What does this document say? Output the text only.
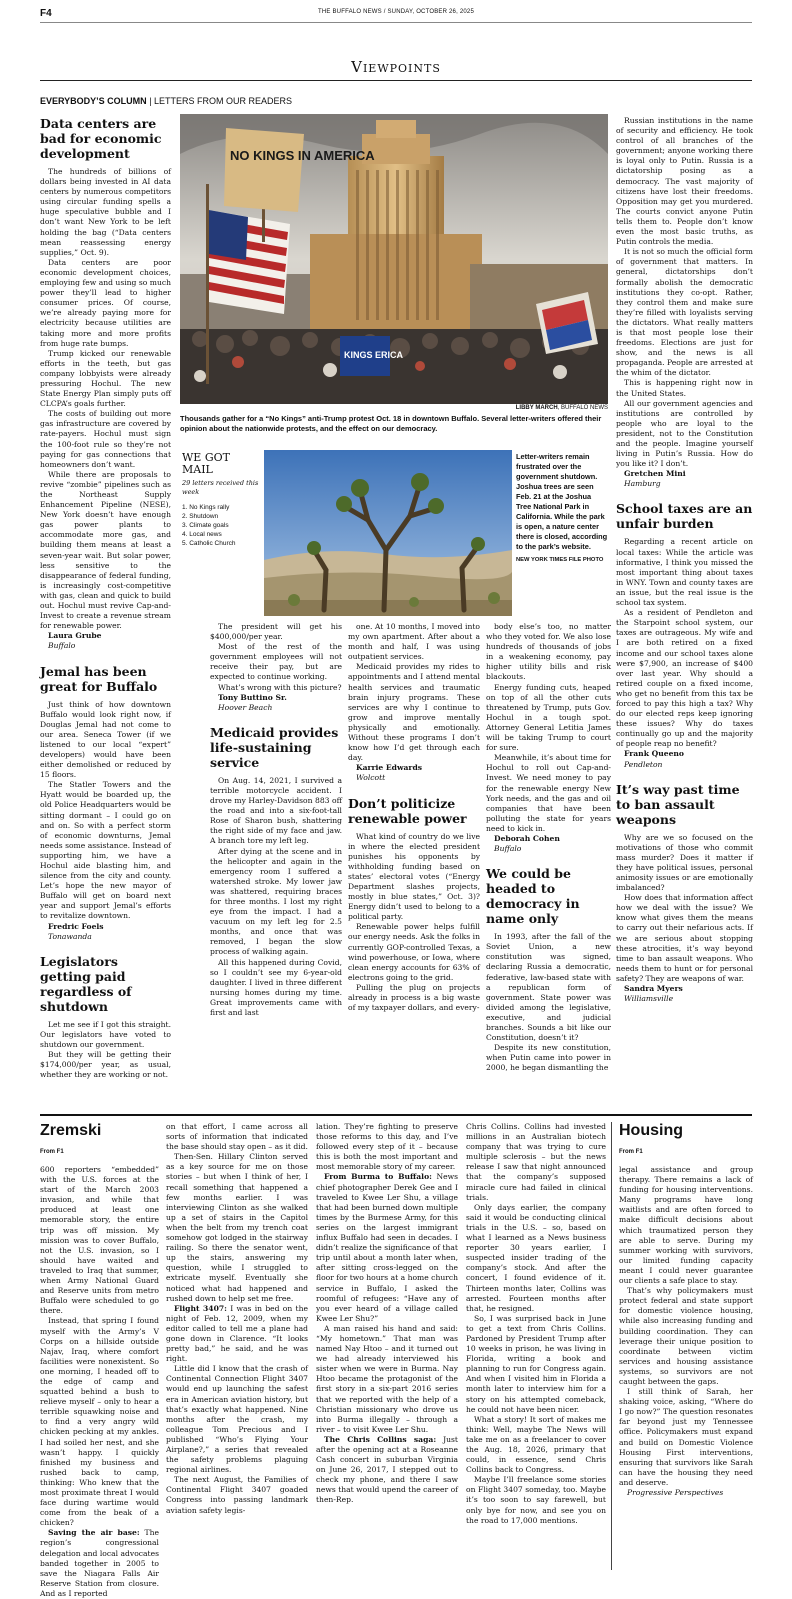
F4	THE BUFFALO NEWS / SUNDAY, OCTOBER 26, 2025
Viewpoints
EVERYBODY’S COLUMN | LETTERS FROM OUR READERS
Data centers are bad for economic development

The hundreds of billions of dollars being invested in AI data centers by numerous competitors using circular funding spells a huge speculative bubble and I don’t want New York to be left holding the bag (“Data centers mean reassessing energy supplies,” Oct. 9).

Data centers are poor economic development choices, employing few and using so much power they’ll lead to higher consumer prices. Of course, we’re already paying more for electricity because utilities are taking more and more profits from huge rate bumps.

Trump kicked our renewable efforts in the teeth, but gas company lobbyists were already pressuring Hochul. The new State Energy Plan simply puts off CLCPA’s goals further.

The costs of building out more gas infrastructure are covered by rate-payers. Hochul must sign the 100-foot rule so they’re not paying for gas connections that homeowners don’t want.

While there are proposals to revive “zombie” pipelines such as the Northeast Supply Enhancement Pipeline (NESE), New York doesn’t have enough gas power plants to accommodate more gas, and building them means at least a seven-year wait. But solar power, less sensitive to the disappearance of federal funding, is increasingly cost-competitive with gas, clean and quick to build out. Hochul must revive Cap-and-Invest to create a revenue stream for renewable power.

Laura Grube
Buffalo
Jemal has been great for Buffalo

Just think of how downtown Buffalo would look right now, if Douglas Jemal had not come to our area. Seneca Tower (if we listened to our local “expert” developers) would have been either demolished or reduced by 15 floors.

The Statler Towers and the Hyatt would be boarded up, the old Police Headquarters would be sitting dormant – I could go on and on. So with a perfect storm of economic downturns, Jemal needs some assistance. Instead of supporting him, we have a Hochul aide blasting him, and silence from the city and county. Let’s hope the new mayor of Buffalo will get on board next year and support Jemal’s efforts to revitalize downtown.

Fredric Foels
Tonawanda
Legislators getting paid regardless of shutdown

Let me see if I got this straight. Our legislators have voted to shutdown our government.

But they will be getting their $174,000/per year, as usual, whether they are working or not.

NO KINGS IN AMERICA
KINGS ERICA
LIBBY MARCH, BUFFALO NEWS
Thousands gather for a “No Kings” anti-Trump protest Oct. 18 in downtown Buffalo. Several letter-writers offered their opinion about the nationwide protests, and the effect on our democracy.
WE GOT MAIL
29 letters received this week
1. No Kings rally
2. Shutdown
3. Climate goals
4. Local news
5. Catholic Church
Letter-writers remain frustrated over the government shutdown. Joshua trees are seen Feb. 21 at the Joshua Tree National Park in California. While the park is open, a nature center there is closed, according to the park’s website.
NEW YORK TIMES FILE PHOTO

The president will get his $400,000/per year.

Most of the rest of the government employees will not receive their pay, but are expected to continue working.

What’s wrong with this picture?

Tony Buttino Sr.
Hoover Beach
Medicaid provides life-sustaining service

On Aug. 14, 2021, I survived a terrible motorcycle accident. I drove my Harley-Davidson 883 off the road and into a six-foot-tall Rose of Sharon bush, shattering the right side of my face and jaw. A branch tore my left leg.

After dying at the scene and in the helicopter and again in the emergency room I suffered a watershed stroke. My lower jaw was shattered, requiring braces for three months. I lost my right eye from the impact. I had a vacuum on my left leg for 2.5 months, and once that was removed, I began the slow process of walking again.

All this happened during Covid, so I couldn’t see my 6-year-old daughter. I lived in three different nursing homes during my time. Great improvements came with first and last

one. At 10 months, I moved into my own apartment. After about a month and half, I was using outpatient services.

Medicaid provides my rides to appointments and I attend mental health services and traumatic brain injury programs. These services are why I continue to grow and improve mentally physically and emotionally. Without these programs I don’t know how I’d get through each day.

Karrie Edwards
Wolcott
Don’t politicize renewable power

What kind of country do we live in where the elected president punishes his opponents by withholding funding based on states’ electoral votes (“Energy Department slashes projects, mostly in blue states,” Oct. 3)? Energy didn’t used to belong to a political party.

Renewable power helps fulfill our energy needs. Ask the folks in currently GOP-controlled Texas, a wind powerhouse, or Iowa, where clean energy accounts for 63% of electrons going to the grid.

Pulling the plug on projects already in process is a big waste of my taxpayer dollars, and every-

body else’s too, no matter who they voted for. We also lose hundreds of thousands of jobs in a weakening economy, pay higher utility bills and risk blackouts.

Energy funding cuts, heaped on top of all the other cuts threatened by Trump, puts Gov. Hochul in a tough spot. Attorney General Letitia James will be taking Trump to court for sure.

Meanwhile, it’s about time for Hochul to roll out Cap-and-Invest. We need money to pay for the renewable energy New York needs, and the gas and oil companies that have been polluting the state for years need to kick in.

Deborah Cohen
Buffalo
We could be headed to democracy in name only

In 1993, after the fall of the Soviet Union, a new constitution was signed, declaring Russia a democratic, federative, law-based state with a republican form of government. State power was divided among the legislative, executive, and judicial branches. Sounds a bit like our Constitution, doesn’t it?

Despite its new constitution, when Putin came into power in 2000, he began dismantling the

Russian institutions in the name of security and efficiency. He took control of all branches of the government; anyone working there is loyal only to Putin. Russia is a dictatorship posing as a democracy. The vast majority of citizens have lost their freedoms. Opposition may get you murdered. The courts convict anyone Putin tells them to. People don’t know even the most basic truths, as Putin controls the media.

It is not so much the official form of government that matters. In general, dictatorships don’t formally abolish the democratic institutions they co-opt. Rather, they control them and make sure they’re filled with loyalists serving the dictators. What really matters is that most people lose their freedoms. Elections are just for show, and the news is all propaganda. People are arrested at the whim of the dictator.

This is happening right now in the United States.

All our government agencies and institutions are controlled by people who are loyal to the president, not to the Constitution and the people. Imagine yourself living in Putin’s Russia. How do you like it? I don’t.

Gretchen Mini
Hamburg
School taxes are an unfair burden

Regarding a recent article on local taxes: While the article was informative, I think you missed the most important thing about taxes in WNY. Town and county taxes are an issue, but the real issue is the school tax system.

As a resident of Pendleton and the Starpoint school system, our taxes are outrageous. My wife and I are both retired on a fixed income and our school taxes alone were $7,900, an increase of $400 over last year. Why should a retired couple on a fixed income, who get no benefit from this tax be forced to pay this high a tax? Why do our elected reps keep ignoring these issues? Why do taxes continually go up and the majority of people reap no benefit?

Frank Queeno
Pendleton
It’s way past time to ban assault weapons

Why are we so focused on the motivations of those who commit mass murder? Does it matter if they have political issues, personal animosity issues or are emotionally imbalanced?

How does that information affect how we deal with the issue? We know what gives them the means to carry out their nefarious acts. If we are serious about stopping these atrocities, it’s way beyond time to ban assault weapons. Who needs them to hunt or for personal safety? They are weapons of war.

Sandra Myers
Williamsville
Zremski
From F1

600 reporters “embedded” with the U.S. forces at the start of the March 2003 invasion, and while that produced at least one memorable story, the entire trip was off mission. My mission was to cover Buffalo, not the U.S. invasion, so I should have waited and traveled to Iraq that summer, when Army National Guard and Reserve units from metro Buffalo were scheduled to go there.

Instead, that spring I found myself with the Army’s V Corps on a hillside outside Najav, Iraq, where comfort facilities were nonexistent. So one morning, I headed off to the edge of camp and squatted behind a bush to relieve myself – only to hear a terrible squawking noise and to find a very angry wild chicken pecking at my ankles. I had soiled her nest, and she wasn’t happy. I quickly finished my business and rushed back to camp, thinking: Who knew that the most proximate threat I would face during wartime would come from the beak of a chicken?

Saving the air base: The region’s congressional delegation and local advocates banded together in 2005 to save the Niagara Falls Air Reserve Station from closure. And as I reported

on that effort, I came across all sorts of information that indicated the base should stay open – as it did.

Then-Sen. Hillary Clinton served as a key source for me on those stories – but when I think of her, I recall something that happened a few months earlier. I was interviewing Clinton as she walked up a set of stairs in the Capitol when the belt from my trench coat somehow got lodged in the stairway railing. So there the senator went, up the stairs, answering my question, while I struggled to extricate myself. Eventually she noticed what had happened and rushed down to help set me free.

Flight 3407: I was in bed on the night of Feb. 12, 2009, when my editor called to tell me a plane had gone down in Clarence. “It looks pretty bad,” he said, and he was right.

Little did I know that the crash of Continental Connection Flight 3407 would end up launching the safest era in American aviation history, but that’s exactly what happened. Nine months after the crash, my colleague Tom Precious and I published “Who’s Flying Your Airplane?,” a series that revealed the safety problems plaguing regional airlines.

The next August, the Families of Continental Flight 3407 goaded Congress into passing landmark aviation safety legis-

lation. They’re fighting to preserve those reforms to this day, and I’ve followed every step of it – because this is both the most important and most memorable story of my career.

From Burma to Buffalo: News chief photographer Derek Gee and I traveled to Kwee Ler Shu, a village that had been burned down multiple times by the Burmese Army, for this series on the largest immigrant influx Buffalo had seen in decades. I didn’t realize the significance of that trip until about a month later when, after sitting cross-legged on the floor for two hours at a home church service in Buffalo, I asked the roomful of refugees: “Have any of you ever heard of a village called Kwee Ler Shu?”

A man raised his hand and said: “My hometown.” That man was named Nay Htoo – and it turned out we had already interviewed his sister when we were in Burma. Nay Htoo became the protagonist of the first story in a six-part 2016 series that we reported with the help of a Christian missionary who drove us into Burma illegally – through a river – to visit Kwee Ler Shu.

The Chris Collins saga: Just after the opening act at a Roseanne Cash concert in suburban Virginia on June 26, 2017, I stepped out to check my phone, and there I saw news that would upend the career of then-Rep.

Chris Collins. Collins had invested millions in an Australian biotech company that was trying to cure multiple sclerosis – but the news release I saw that night announced that the company’s supposed miracle cure had failed in clinical trials.

Only days earlier, the company said it would be conducting clinical trials in the U.S. – so, based on what I learned as a News business reporter 30 years earlier, I suspected insider trading of the company’s stock. And after the concert, I found evidence of it. Thirteen months later, Collins was arrested. Fourteen months after that, he resigned.

So, I was surprised back in June to get a text from Chris Collins. Pardoned by President Trump after 10 weeks in prison, he was living in Florida, writing a book and planning to run for Congress again. And when I visited him in Florida a month later to interview him for a story on his attempted comeback, he could not have been nicer.

What a story! It sort of makes me think: Well, maybe The News will take me on as a freelancer to cover the Aug. 18, 2026, primary that could, in essence, send Chris Collins back to Congress.

Maybe I’ll freelance some stories on Flight 3407 someday, too. Maybe it’s too soon to say farewell, but only bye for now, and see you on the road to 17,000 mentions.

Housing
From F1

legal assistance and group therapy. There remains a lack of funding for housing interventions. Many programs have long waitlists and are often forced to make difficult decisions about which traumatized person they are able to serve. During my summer working with survivors, our limited funding capacity meant I could never guarantee our clients a safe place to stay.

That’s why policymakers must protect federal and state support for domestic violence housing, while also increasing funding and building coordination. They can leverage their unique position to coordinate between victim services and housing assistance systems, so survivors are not caught between the gaps.

I still think of Sarah, her shaking voice, asking, “Where do I go now?” The question resonates far beyond just my Tennessee office. Policymakers must expand and build on Domestic Violence Housing First interventions, ensuring that survivors like Sarah can have the housing they need and deserve.

Progressive Perspectives
